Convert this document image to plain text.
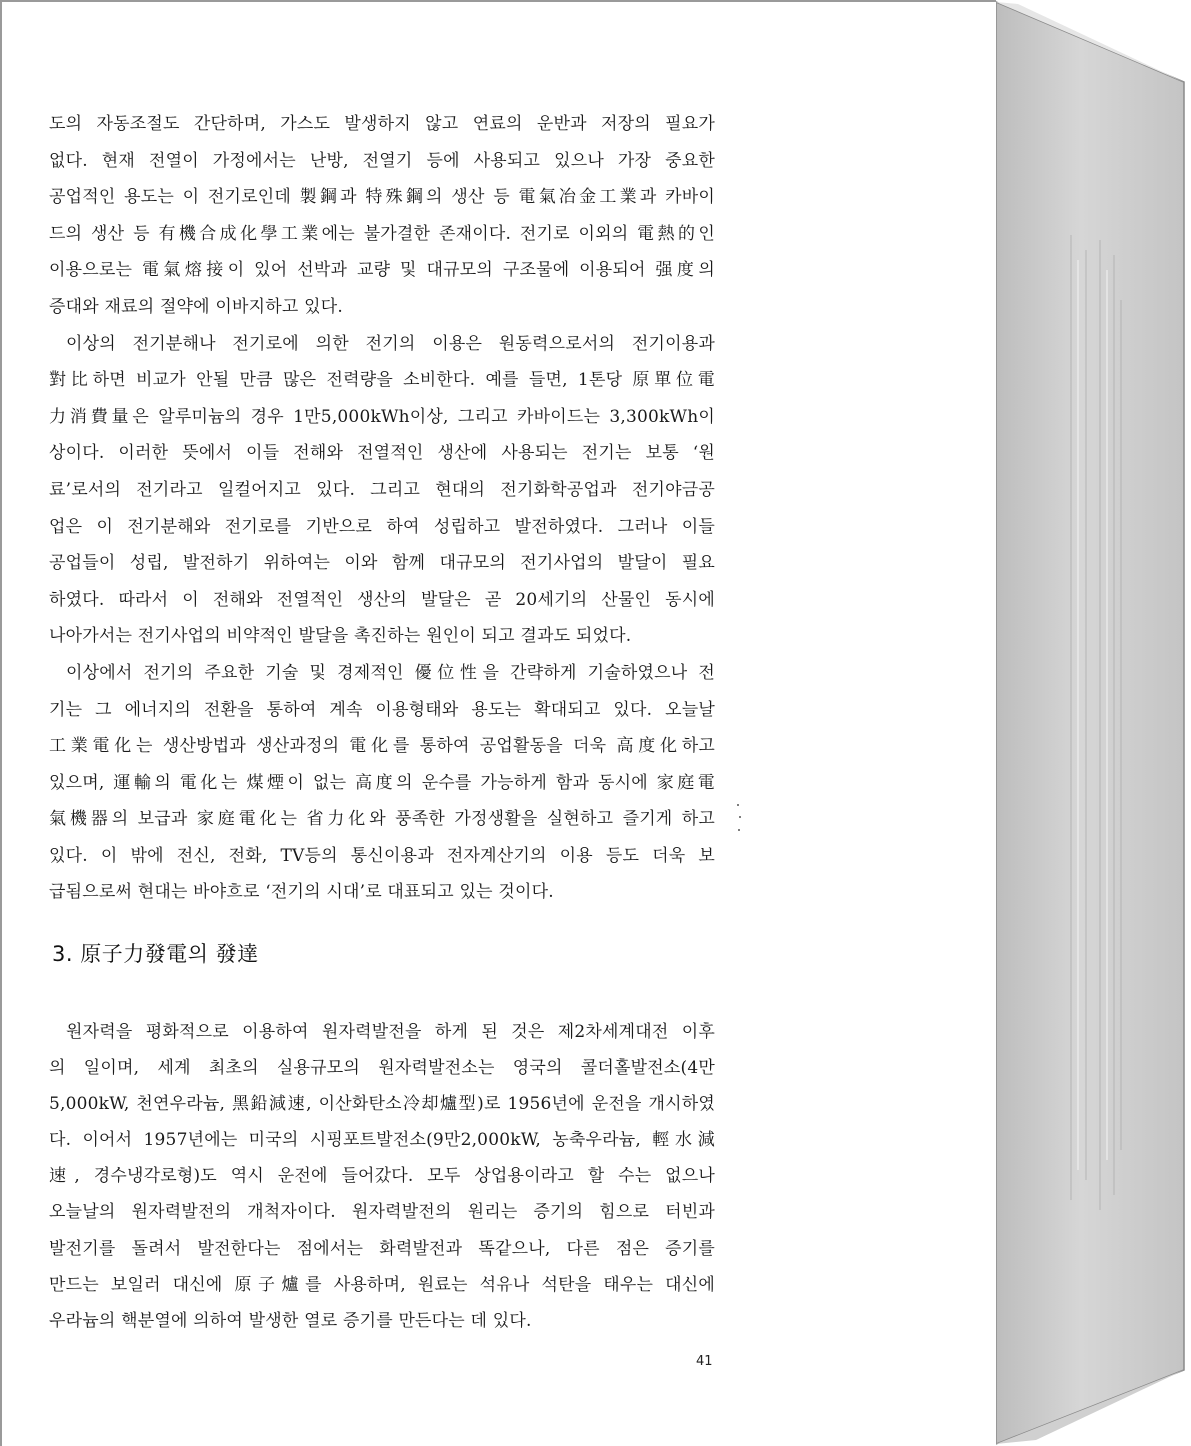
도의 자동조절도 간단하며, 가스도 발생하지 않고 연료의 운반과 저장의 필요가
없다. 현재 전열이 가정에서는 난방, 전열기 등에 사용되고 있으나 가장 중요한
공업적인 용도는 이 전기로인데 製鋼과 特殊鋼의 생산 등 電氣冶金工業과 카바이
드의 생산 등 有機合成化學工業에는 불가결한 존재이다. 전기로 이외의 電熱的인
이용으로는 電氣熔接이 있어 선박과 교량 및 대규모의 구조물에 이용되어 强度의
증대와 재료의 절약에 이바지하고 있다.
이상의 전기분해나 전기로에 의한 전기의 이용은 원동력으로서의 전기이용과
對比하면 비교가 안될 만큼 많은 전력량을 소비한다. 예를 들면, 1톤당 原單位電
力消費量은 알루미늄의 경우 1만5,000kWh이상, 그리고 카바이드는 3,300kWh이
상이다. 이러한 뜻에서 이들 전해와 전열적인 생산에 사용되는 전기는 보통 ‘원
료’로서의 전기라고 일컬어지고 있다. 그리고 현대의 전기화학공업과 전기야금공
업은 이 전기분해와 전기로를 기반으로 하여 성립하고 발전하였다. 그러나 이들
공업들이 성립, 발전하기 위하여는 이와 함께 대규모의 전기사업의 발달이 필요
하였다. 따라서 이 전해와 전열적인 생산의 발달은 곧 20세기의 산물인 동시에
나아가서는 전기사업의 비약적인 발달을 촉진하는 원인이 되고 결과도 되었다.
이상에서 전기의 주요한 기술 및 경제적인 優位性을 간략하게 기술하였으나 전
기는 그 에너지의 전환을 통하여 계속 이용형태와 용도는 확대되고 있다. 오늘날
工業電化는 생산방법과 생산과정의 電化를 통하여 공업활동을 더욱 高度化하고
있으며, 運輸의 電化는 煤煙이 없는 高度의 운수를 가능하게 함과 동시에 家庭電
氣機器의 보급과 家庭電化는 省力化와 풍족한 가정생활을 실현하고 즐기게 하고
있다. 이 밖에 전신, 전화, TV등의 통신이용과 전자계산기의 이용 등도 더욱 보
급됨으로써 현대는 바야흐로 ‘전기의 시대’로 대표되고 있는 것이다.
3. 原子力發電의 發達
원자력을 평화적으로 이용하여 원자력발전을 하게 된 것은 제2차세계대전 이후
의 일이며, 세계 최초의 실용규모의 원자력발전소는 영국의 콜더홀발전소(4만
5,000kW, 천연우라늄, 黑鉛減速, 이산화탄소冷却爐型)로 1956년에 운전을 개시하였
다. 이어서 1957년에는 미국의 시핑포트발전소(9만2,000kW, 농축우라늄, 輕水減
速, 경수냉각로형)도 역시 운전에 들어갔다. 모두 상업용이라고 할 수는 없으나
오늘날의 원자력발전의 개척자이다. 원자력발전의 원리는 증기의 힘으로 터빈과
발전기를 돌려서 발전한다는 점에서는 화력발전과 똑같으나, 다른 점은 증기를
만드는 보일러 대신에 原子爐를 사용하며, 원료는 석유나 석탄을 태우는 대신에
우라늄의 핵분열에 의하여 발생한 열로 증기를 만든다는 데 있다.
41
